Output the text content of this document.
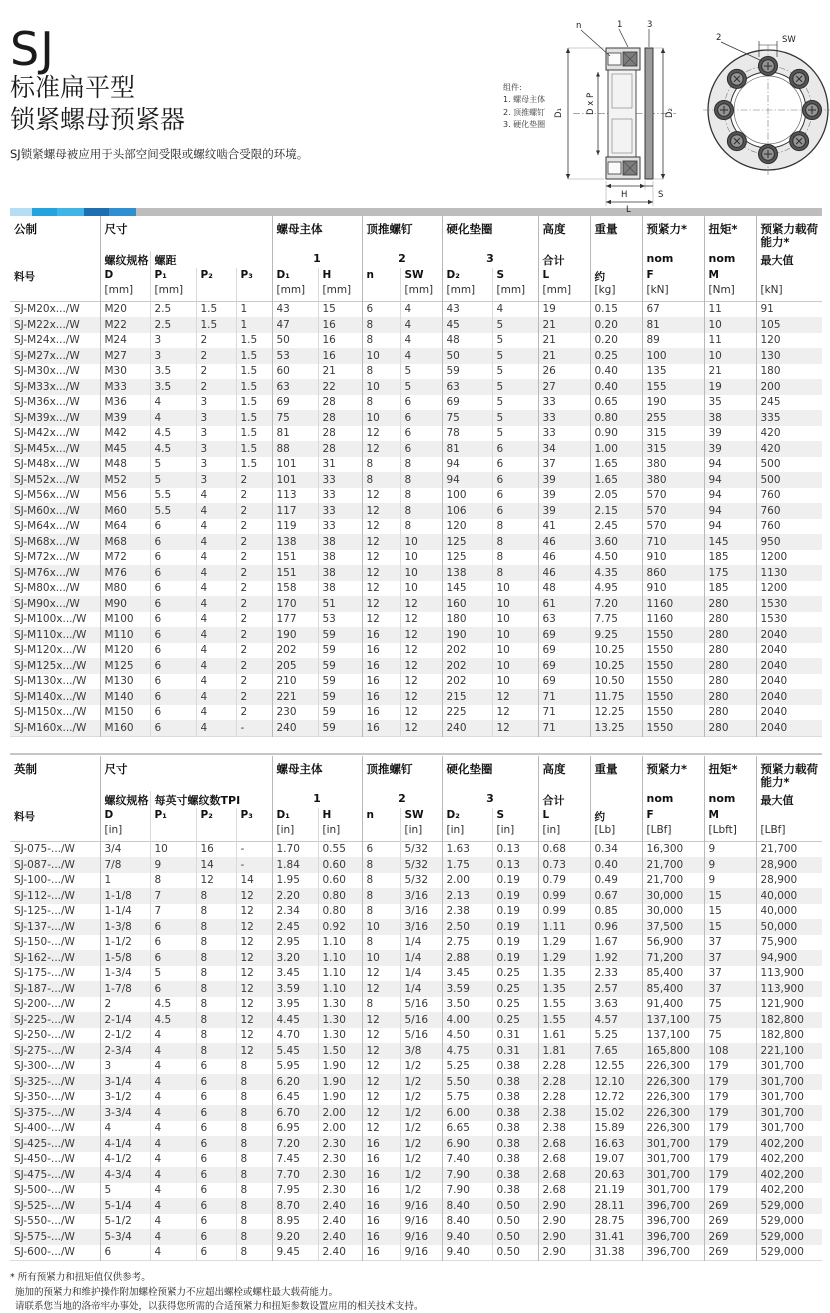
SJ
标准扁平型
锁紧螺母预紧器

SJ锁紧螺母被应用于头部空间受限或螺纹啮合受限的环境。

组件:
1. 螺母主体
2. 顶推螺钉
3. 硬化垫圈
D₁	D x P	D₂
n	1	3
H	S
L
SW
2
公制	尺寸				螺母主体		顶推螺钉		硬化垫圈		高度	重量	预紧力*	扭矩*	预紧力载荷能力*
	螺纹规格	螺距			1		2		3		合计		nom	nom	最大值
料号	D	P₁	P₂	P₃	D₁	H	n	SW	D₂	S	L	约	F	M	
	[mm]	[mm]			[mm]	[mm]		[mm]	[mm]	[mm]	[mm]	[kg]	[kN]	[Nm]	[kN]
SJ-M20x.../W	M20	2.5	1.5	1	43	15	6	4	43	4	19	0.15	67	11	91
SJ-M22x.../W	M22	2.5	1.5	1	47	16	8	4	45	5	21	0.20	81	10	105
SJ-M24x.../W	M24	3	2	1.5	50	16	8	4	48	5	21	0.20	89	11	120
SJ-M27x.../W	M27	3	2	1.5	53	16	10	4	50	5	21	0.25	100	10	130
SJ-M30x.../W	M30	3.5	2	1.5	60	21	8	5	59	5	26	0.40	135	21	180
SJ-M33x.../W	M33	3.5	2	1.5	63	22	10	5	63	5	27	0.40	155	19	200
SJ-M36x.../W	M36	4	3	1.5	69	28	8	6	69	5	33	0.65	190	35	245
SJ-M39x.../W	M39	4	3	1.5	75	28	10	6	75	5	33	0.80	255	38	335
SJ-M42x.../W	M42	4.5	3	1.5	81	28	12	6	78	5	33	0.90	315	39	420
SJ-M45x.../W	M45	4.5	3	1.5	88	28	12	6	81	6	34	1.00	315	39	420
SJ-M48x.../W	M48	5	3	1.5	101	31	8	8	94	6	37	1.65	380	94	500
SJ-M52x.../W	M52	5	3	2	101	33	8	8	94	6	39	1.65	380	94	500
SJ-M56x.../W	M56	5.5	4	2	113	33	12	8	100	6	39	2.05	570	94	760
SJ-M60x.../W	M60	5.5	4	2	117	33	12	8	106	6	39	2.15	570	94	760
SJ-M64x.../W	M64	6	4	2	119	33	12	8	120	8	41	2.45	570	94	760
SJ-M68x.../W	M68	6	4	2	138	38	12	10	125	8	46	3.60	710	145	950
SJ-M72x.../W	M72	6	4	2	151	38	12	10	125	8	46	4.50	910	185	1200
SJ-M76x.../W	M76	6	4	2	151	38	12	10	138	8	46	4.35	860	175	1130
SJ-M80x.../W	M80	6	4	2	158	38	12	10	145	10	48	4.95	910	185	1200
SJ-M90x.../W	M90	6	4	2	170	51	12	12	160	10	61	7.20	1160	280	1530
SJ-M100x.../W	M100	6	4	2	177	53	12	12	180	10	63	7.75	1160	280	1530
SJ-M110x.../W	M110	6	4	2	190	59	16	12	190	10	69	9.25	1550	280	2040
SJ-M120x.../W	M120	6	4	2	202	59	16	12	202	10	69	10.25	1550	280	2040
SJ-M125x.../W	M125	6	4	2	205	59	16	12	202	10	69	10.25	1550	280	2040
SJ-M130x.../W	M130	6	4	2	210	59	16	12	202	10	69	10.50	1550	280	2040
SJ-M140x.../W	M140	6	4	2	221	59	16	12	215	12	71	11.75	1550	280	2040
SJ-M150x.../W	M150	6	4	2	230	59	16	12	225	12	71	12.25	1550	280	2040
SJ-M160x.../W	M160	6	4	-	240	59	16	12	240	12	71	13.25	1550	280	2040
英制	尺寸				螺母主体		顶推螺钉		硬化垫圈		高度	重量	预紧力*	扭矩*	预紧力载荷能力*
	螺纹规格	每英寸螺纹数TPI			1		2		3		合计		nom	nom	最大值
料号	D	P₁	P₂	P₃	D₁	H	n	SW	D₂	S	L	约	F	M	
	[in]				[in]	[in]		[in]	[in]	[in]	[in]	[Lb]	[LBf]	[Lbft]	[LBf]
SJ-075-.../W	3/4	10	16	-	1.70	0.55	6	5/32	1.63	0.13	0.68	0.34	16,300	9	21,700
SJ-087-.../W	7/8	9	14	-	1.84	0.60	8	5/32	1.75	0.13	0.73	0.40	21,700	9	28,900
SJ-100-.../W	1	8	12	14	1.95	0.60	8	5/32	2.00	0.19	0.79	0.49	21,700	9	28,900
SJ-112-.../W	1-1/8	7	8	12	2.20	0.80	8	3/16	2.13	0.19	0.99	0.67	30,000	15	40,000
SJ-125-.../W	1-1/4	7	8	12	2.34	0.80	8	3/16	2.38	0.19	0.99	0.85	30,000	15	40,000
SJ-137-.../W	1-3/8	6	8	12	2.45	0.92	10	3/16	2.50	0.19	1.11	0.96	37,500	15	50,000
SJ-150-.../W	1-1/2	6	8	12	2.95	1.10	8	1/4	2.75	0.19	1.29	1.67	56,900	37	75,900
SJ-162-.../W	1-5/8	6	8	12	3.20	1.10	10	1/4	2.88	0.19	1.29	1.92	71,200	37	94,900
SJ-175-.../W	1-3/4	5	8	12	3.45	1.10	12	1/4	3.45	0.25	1.35	2.33	85,400	37	113,900
SJ-187-.../W	1-7/8	6	8	12	3.59	1.10	12	1/4	3.59	0.25	1.35	2.57	85,400	37	113,900
SJ-200-.../W	2	4.5	8	12	3.95	1.30	8	5/16	3.50	0.25	1.55	3.63	91,400	75	121,900
SJ-225-.../W	2-1/4	4.5	8	12	4.45	1.30	12	5/16	4.00	0.25	1.55	4.57	137,100	75	182,800
SJ-250-.../W	2-1/2	4	8	12	4.70	1.30	12	5/16	4.50	0.31	1.61	5.25	137,100	75	182,800
SJ-275-.../W	2-3/4	4	8	12	5.45	1.50	12	3/8	4.75	0.31	1.81	7.65	165,800	108	221,100
SJ-300-.../W	3	4	6	8	5.95	1.90	12	1/2	5.25	0.38	2.28	12.55	226,300	179	301,700
SJ-325-.../W	3-1/4	4	6	8	6.20	1.90	12	1/2	5.50	0.38	2.28	12.10	226,300	179	301,700
SJ-350-.../W	3-1/2	4	6	8	6.45	1.90	12	1/2	5.75	0.38	2.28	12.72	226,300	179	301,700
SJ-375-.../W	3-3/4	4	6	8	6.70	2.00	12	1/2	6.00	0.38	2.38	15.02	226,300	179	301,700
SJ-400-.../W	4	4	6	8	6.95	2.00	12	1/2	6.65	0.38	2.38	15.89	226,300	179	301,700
SJ-425-.../W	4-1/4	4	6	8	7.20	2.30	16	1/2	6.90	0.38	2.68	16.63	301,700	179	402,200
SJ-450-.../W	4-1/2	4	6	8	7.45	2.30	16	1/2	7.40	0.38	2.68	19.07	301,700	179	402,200
SJ-475-.../W	4-3/4	4	6	8	7.70	2.30	16	1/2	7.90	0.38	2.68	20.63	301,700	179	402,200
SJ-500-.../W	5	4	6	8	7.95	2.30	16	1/2	7.90	0.38	2.68	21.19	301,700	179	402,200
SJ-525-.../W	5-1/4	4	6	8	8.70	2.40	16	9/16	8.40	0.50	2.90	28.11	396,700	269	529,000
SJ-550-.../W	5-1/2	4	6	8	8.95	2.40	16	9/16	8.40	0.50	2.90	28.75	396,700	269	529,000
SJ-575-.../W	5-3/4	4	6	8	9.20	2.40	16	9/16	9.40	0.50	2.90	31.41	396,700	269	529,000
SJ-600-.../W	6	4	6	8	9.45	2.40	16	9/16	9.40	0.50	2.90	31.38	396,700	269	529,000

* 所有预紧力和扭矩值仅供参考。

施加的预紧力和维护操作附加螺栓预紧力不应超出螺栓或螺柱最大载荷能力。

请联系您当地的洛帝牢办事处，以获得您所需的合适预紧力和扭矩参数设置应用的相关技术支持。
